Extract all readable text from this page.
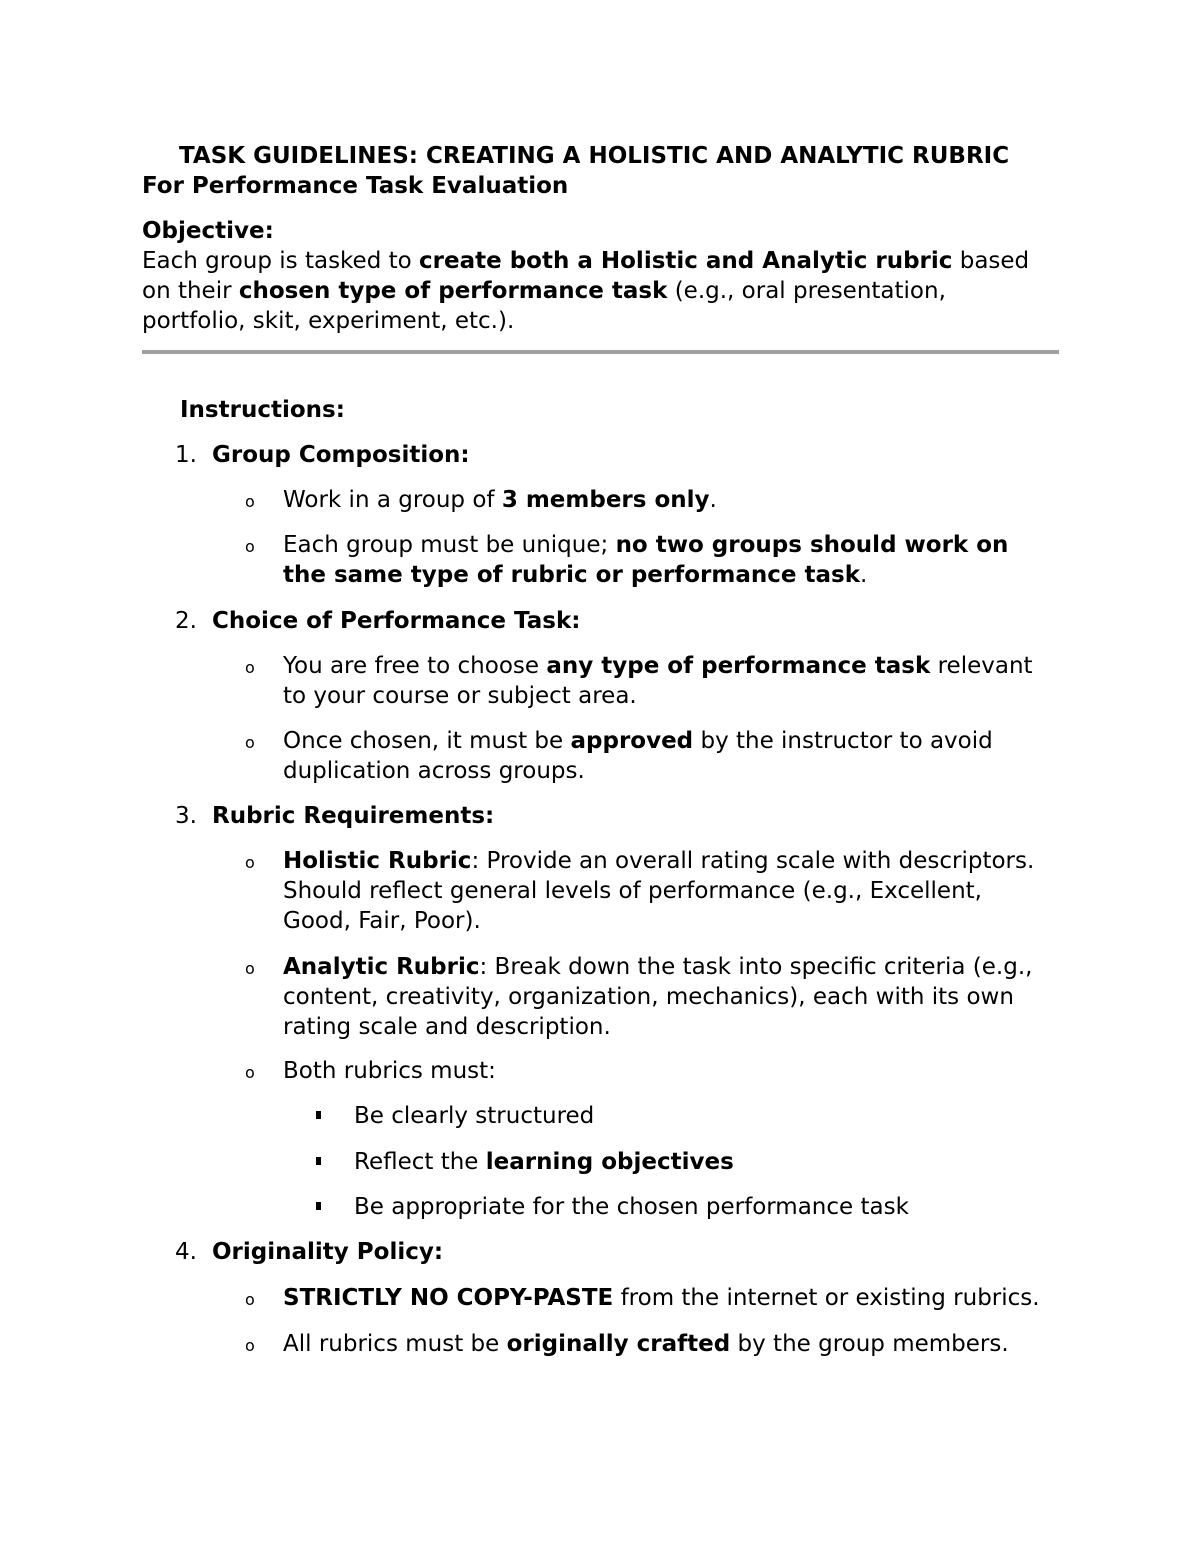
TASK GUIDELINES: CREATING A HOLISTIC AND ANALYTIC RUBRIC
For Performance Task Evaluation
Objective:
Each group is tasked to create both a Holistic and Analytic rubric based
on their chosen type of performance task (e.g., oral presentation,
portfolio, skit, experiment, etc.).
Instructions:
1. Group Composition:
o Work in a group of 3 members only.
o Each group must be unique; no two groups should work on
the same type of rubric or performance task.
2. Choice of Performance Task:
o You are free to choose any type of performance task relevant
to your course or subject area.
o Once chosen, it must be approved by the instructor to avoid
duplication across groups.
3. Rubric Requirements:
o Holistic Rubric: Provide an overall rating scale with descriptors.
Should reflect general levels of performance (e.g., Excellent,
Good, Fair, Poor).
o Analytic Rubric: Break down the task into specific criteria (e.g.,
content, creativity, organization, mechanics), each with its own
rating scale and description.
o Both rubrics must:
Be clearly structured
Reflect the learning objectives
Be appropriate for the chosen performance task
4. Originality Policy:
o STRICTLY NO COPY-PASTE from the internet or existing rubrics.
o All rubrics must be originally crafted by the group members.
